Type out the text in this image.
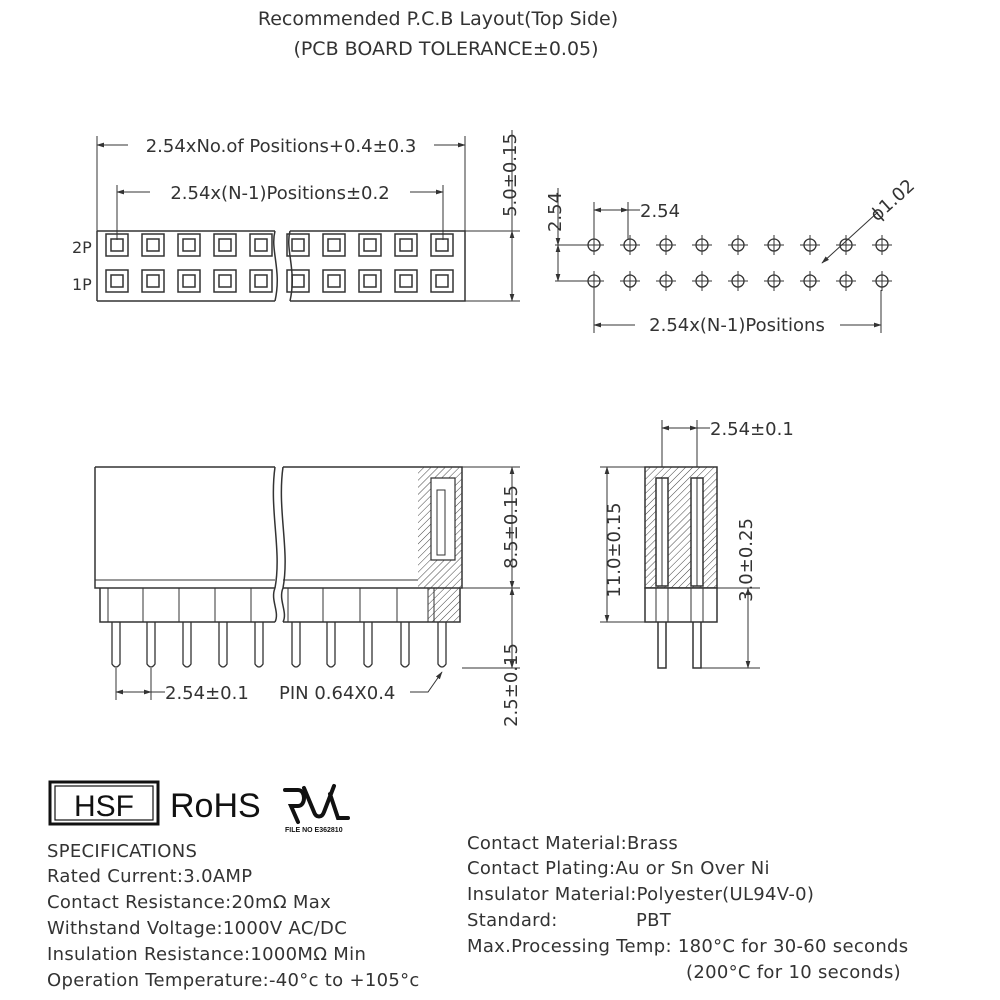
Recommended P.C.B Layout(Top Side)
(PCB BOARD TOLERANCE±0.05)
2.54xNo.of Positions+0.4±0.3
2.54x(N-1)Positions±0.2	5.0±0.15
2P
1P
2.54	2.54	ϕ1.02
2.54x(N-1)Positions
8.5±0.15
2.5±0.15
2.54±0.1 PIN 0.64X0.4
2.54±0.1
11.0±0.15	3.0±0.25
HSF RoHS
FILE NO E362810
SPECIFICATIONS
Rated Current:3.0AMP
Contact Resistance:20mΩ Max
Withstand Voltage:1000V AC/DC
Insulation Resistance:1000MΩ Min
Operation Temperature:-40°c to +105°c
Contact Material:Brass
Contact Plating:Au or Sn Over Ni
Insulator Material:Polyester(UL94V-0)
Standard:	PBT
Max.Processing Temp: 180°C for 30-60 seconds
(200°C for 10 seconds)
